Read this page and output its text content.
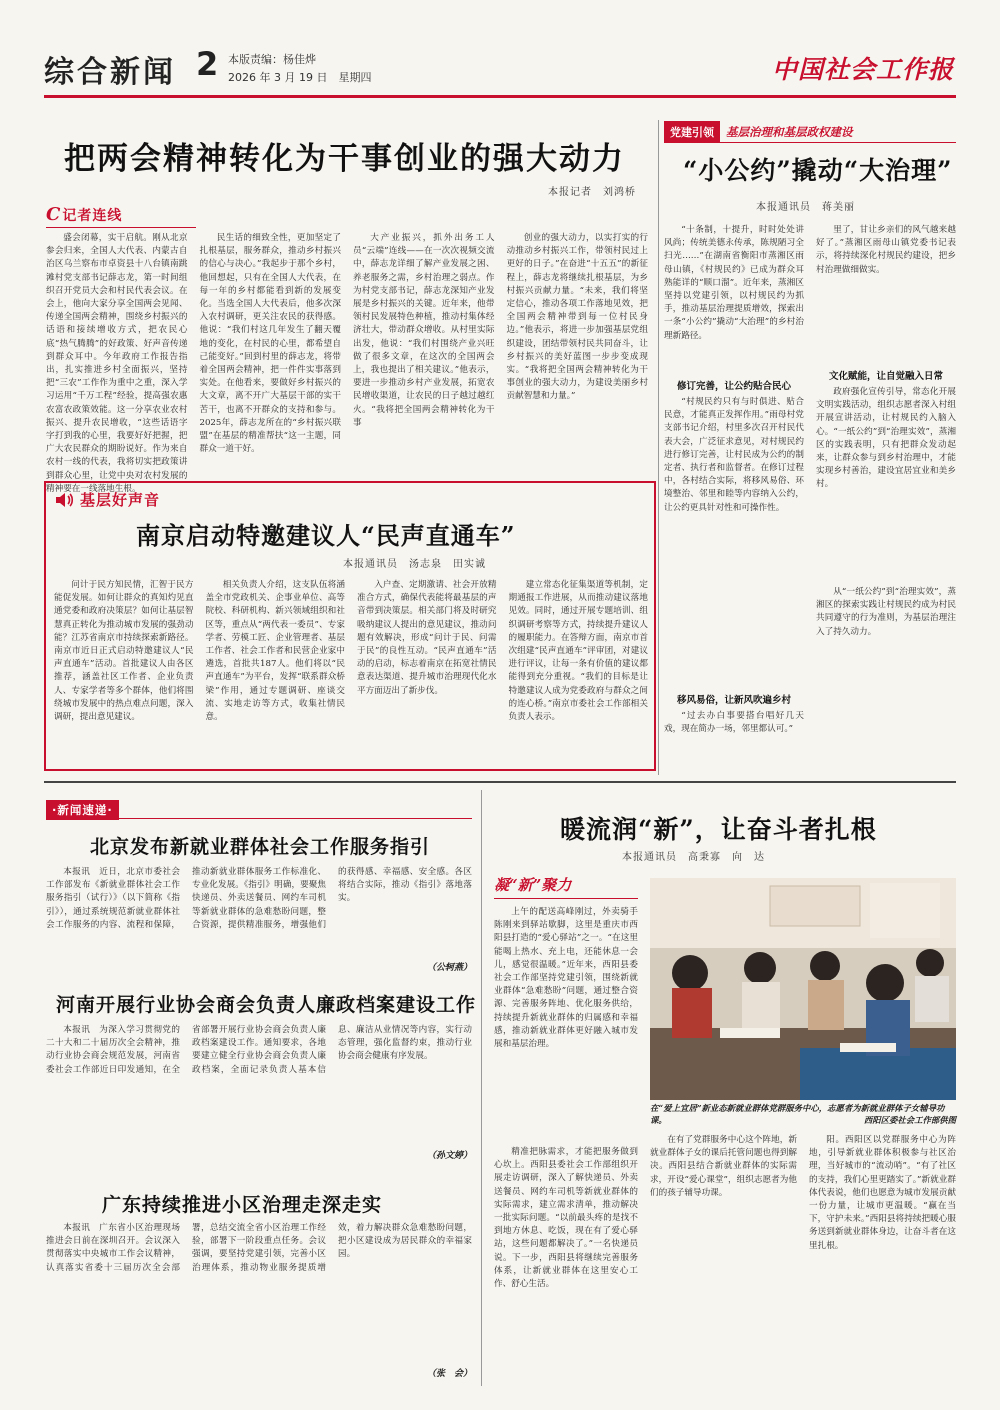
综合新闻 2 本版责编：杨佳烨
2026 年 3 月 19 日　星期四	中国社会工作报
把两会精神转化为干事创业的强大动力
本报记者　刘鸿桥
C 记者连线

盛会闭幕，实干启航。刚从北京参会归来，全国人大代表、内蒙古自治区乌兰察布市卓资县十八台镇南跳滩村党支部书记薛志龙，第一时间组织召开党员大会和村民代表会议。在会上，他向大家分享全国两会见闻、传递全国两会精神，围绕乡村振兴的话语和接续增收方式，把农民心底“热气腾腾”的好政策、好声音传递到群众耳中。今年政府工作报告指出，扎实推进乡村全面振兴，坚持把“三农”工作作为重中之重，深入学习运用“千万工程”经验，提高强农惠农富农政策效能。这一分享农业农村振兴、提升农民增收，“这些话语字字打到我的心里，我要好好把握，把广大农民群众的期盼说好。作为来自农村一线的代表，我将切实把政策讲到群众心里，让党中央对农村发展的精神要在一线落地生根。

民生话的细致全性，更加坚定了扎根基层，服务群众，推动乡村振兴的信心与决心。”我起步于那个乡村，他回想起，只有在全国人大代表，在每一年的乡村都能看到新的发展变化。当选全国人大代表后，他多次深入农村调研，更关注农民的获得感。他说：“我们村这几年发生了翻天覆地的变化，在村民的心里，都希望自己能变好。”回到村里的薛志龙，将带着全国两会精神，把一件件实事落到实处。在他看来，要做好乡村振兴的大文章，离不开广大基层干部的实干苦干，也离不开群众的支持和参与。2025年，薛志龙所在的“乡村振兴联盟”在基层的精准帮扶“这一主题，同群众一道干好。

大产业振兴，抓外出务工人员“云端”连线——在一次次视频交流中，薛志龙详细了解产业发展之困、养老服务之需，乡村治理之弱点。作为村党支部书记，薛志龙深知产业发展是乡村振兴的关键。近年来，他带领村民发展特色种植，推动村集体经济壮大，带动群众增收。从村里实际出发，他说：“我们村围绕产业兴旺做了很多文章，在这次的全国两会上，我也提出了相关建议。”他表示，要进一步推动乡村产业发展，拓宽农民增收渠道，让农民的日子越过越红火。“我将把全国两会精神转化为干事

创业的强大动力，以实打实的行动推动乡村振兴工作，带领村民过上更好的日子。”在奋进“十五五”的新征程上，薛志龙将继续扎根基层，为乡村振兴贡献力量。“未来，我们将坚定信心，推动各项工作落地见效，把全国两会精神带到每一位村民身边。”他表示，将进一步加强基层党组织建设，团结带领村民共同奋斗，让乡村振兴的美好蓝图一步步变成现实。“我将把全国两会精神转化为干事创业的强大动力，为建设美丽乡村贡献智慧和力量。”

基层好声音
南京启动特邀建议人“民声直通车”
本报通讯员　汤志泉　田实诚

问计于民方知民情，汇智于民方能促发展。如何让群众的真知灼见直通党委和政府决策层？如何让基层智慧真正转化为推动城市发展的强劲动能？江苏省南京市持续探索新路径。南京市近日正式启动特邀建议人“民声直通车”活动。首批建议人由各区推荐，涵盖社区工作者、企业负责人、专家学者等多个群体，他们将围绕城市发展中的热点难点问题，深入调研，提出意见建议。

相关负责人介绍，这支队伍将涵盖全市党政机关、企事业单位、高等院校、科研机构、新兴领域组织和社区等，重点从“两代表一委员”、专家学者、劳模工匠、企业管理者、基层工作者、社会工作者和民营企业家中遴选，首批共187人。他们将以“民声直通车”为平台，发挥“联系群众桥梁”作用，通过专题调研、座谈交流、实地走访等方式，收集社情民意。

入户查、定期激请、社会开放精准合方式，确保代表能将最基层的声音带到决策层。相关部门将及时研究吸纳建议人提出的意见建议，推动问题有效解决，形成“问计于民、问需于民”的良性互动。“民声直通车”活动的启动，标志着南京在拓宽社情民意表达渠道、提升城市治理现代化水平方面迈出了新步伐。

建立常态化征集渠道等机制，定期通报工作进展，从而推动建议落地见效。同时，通过开展专题培训、组织调研考察等方式，持续提升建议人的履职能力。在答辩方面，南京市首次组建“民声直通车”评审团，对建议进行评议，让每一条有价值的建议都能得到充分重视。“我们的目标是让特邀建议人成为党委政府与群众之间的连心桥。”南京市委社会工作部相关负责人表示。

党建引领	基层治理和基层政权建设
“小公约”撬动“大治理”
本报通讯员　蒋美丽

“十条制，十提升，时时处处讲风尚；传统美德永传承，陈规陋习全扫光……”在湖南省衡阳市蒸湘区雨母山镇，《村规民约》已成为群众耳熟能详的“顺口溜”。近年来，蒸湘区坚持以党建引领，以村规民约为抓手，推动基层治理提质增效，探索出一条“小公约”撬动“大治理”的乡村治理新路径。

修订完善，让公约贴合民心

“村规民约只有与时俱进、贴合民意，才能真正发挥作用。”雨母村党支部书记介绍，村里多次召开村民代表大会，广泛征求意见，对村规民约进行修订完善，让村民成为公约的制定者、执行者和监督者。在修订过程中，各村结合实际，将移风易俗、环境整治、邻里和睦等内容纳入公约，让公约更具针对性和可操作性。

移风易俗，让新风吹遍乡村

“过去办白事要搭台唱好几天戏，现在简办一场，邻里都认可。”

里了，甘让乡亲们的风气越来越好了。”蒸湘区雨母山镇党委书记表示，将持续深化村规民约建设，把乡村治理做细做实。

文化赋能，让自觉融入日常

政府强化宣传引导，常态化开展文明实践活动，组织志愿者深入村组开展宣讲活动，让村规民约入脑入心。“一纸公约”到“治理实效”，蒸湘区的实践表明，只有把群众发动起来，让群众参与到乡村治理中，才能实现乡村善治，建设宜居宜业和美乡村。

从“一纸公约”到“治理实效”，蒸湘区的探索实践让村规民约成为村民共同遵守的行为准则，为基层治理注入了持久动力。

·新闻速递·
北京发布新就业群体社会工作服务指引

本报讯　近日，北京市委社会工作部发布《新就业群体社会工作服务指引（试行）》（以下简称《指引》），通过系统规范新就业群体社会工作服务的内容、流程和保障，推动新就业群体服务工作标准化、专业化发展。《指引》明确，要聚焦快递员、外卖送餐员、网约车司机等新就业群体的急难愁盼问题，整合资源，提供精准服务，增强他们的获得感、幸福感、安全感。各区将结合实际，推动《指引》落地落实。

（公轲燕）
河南开展行业协会商会负责人廉政档案建设工作

本报讯　为深入学习贯彻党的二十大和二十届历次全会精神，推动行业协会商会规范发展，河南省委社会工作部近日印发通知，在全省部署开展行业协会商会负责人廉政档案建设工作。通知要求，各地要建立健全行业协会商会负责人廉政档案，全面记录负责人基本信息、廉洁从业情况等内容，实行动态管理，强化监督约束，推动行业协会商会健康有序发展。

（孙文婷）
广东持续推进小区治理走深走实

本报讯　广东省小区治理现场推进会日前在深圳召开。会议深入贯彻落实中央城市工作会议精神，认真落实省委十三届历次全会部署，总结交流全省小区治理工作经验，部署下一阶段重点任务。会议强调，要坚持党建引领，完善小区治理体系，推动物业服务提质增效，着力解决群众急难愁盼问题，把小区建设成为居民群众的幸福家园。

（张　会）
暖流润“新”，让奋斗者扎根
本报通讯员　高秉寡　向　达
凝“新”聚力

上午的配送高峰刚过，外卖骑手陈刚来到驿站歇脚，这里是重庆市西阳县打造的“爱心驿站”之一。“在这里能喝上热水、充上电，还能休息一会儿，感觉很温暖。”近年来，西阳县委社会工作部坚持党建引领，围绕新就业群体“急难愁盼”问题，通过整合资源、完善服务阵地、优化服务供给，持续提升新就业群体的归属感和幸福感，推动新就业群体更好融入城市发展和基层治理。

精准把脉需求，才能把服务做到心坎上。西阳县委社会工作部组织开展走访调研，深入了解快递员、外卖送餐员、网约车司机等新就业群体的实际需求，建立需求清单，推动解决一批实际问题。“以前最头疼的是找不到地方休息、吃饭，现在有了爱心驿站，这些问题都解决了。”一名快递员说。下一步，西阳县将继续完善服务体系，让新就业群体在这里安心工作、舒心生活。

在“爱上宜居”新业态新就业群体党群服务中心，志愿者为新就业群体子女辅导功课。	西阳区委社会工作部供图

在有了党群服务中心这个阵地，新就业群体子女的课后托管问题也得到解决。西阳县结合新就业群体的实际需求，开设“爱心课堂”，组织志愿者为他们的孩子辅导功课。

阳。西阳区以党群服务中心为阵地，引导新就业群体积极参与社区治理，当好城市的“流动哨”。“有了社区的支持，我们心里更踏实了。”新就业群体代表说，他们也愿意为城市发展贡献一份力量，让城市更温暖。“赢在当下，守护未来。”西阳县将持续把暖心服务送到新就业群体身边，让奋斗者在这里扎根。
